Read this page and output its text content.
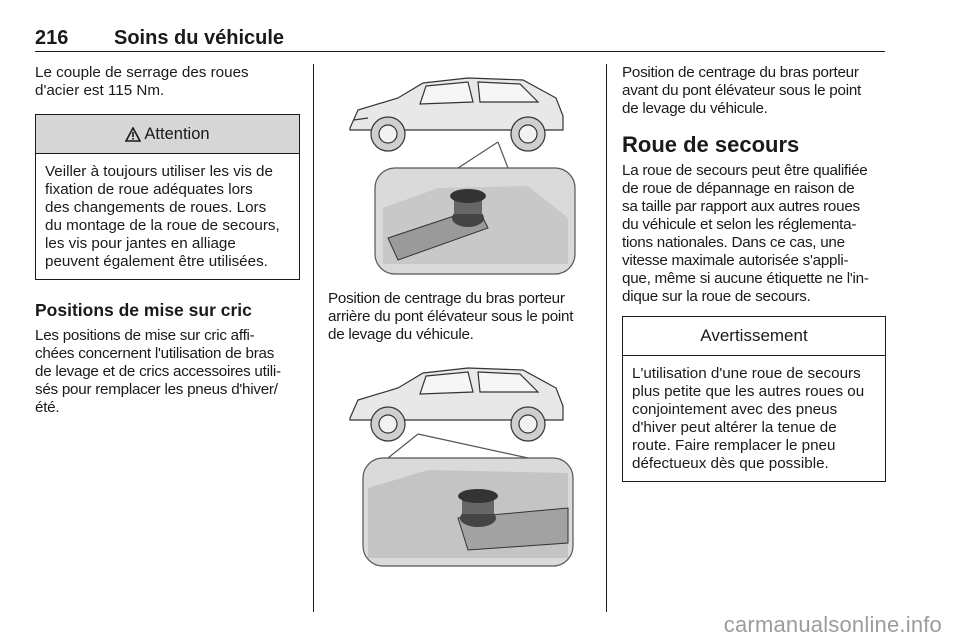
216 Soins du véhicule

Le couple de serrage des roues
d'acier est 115 Nm.

Attention

Veiller à toujours utiliser les vis de
fixation de roue adéquates lors
des changements de roues. Lors
du montage de la roue de secours,
les vis pour jantes en alliage
peuvent également être utilisées.

Positions de mise sur cric

Les positions de mise sur cric affi-
chées concernent l'utilisation de bras
de levage et de crics accessoires utili-
sés pour remplacer les pneus d'hiver/
été.

Position de centrage du bras porteur
arrière du pont élévateur sous le point
de levage du véhicule.

Position de centrage du bras porteur
avant du pont élévateur sous le point
de levage du véhicule.

Roue de secours

La roue de secours peut être qualifiée
de roue de dépannage en raison de
sa taille par rapport aux autres roues
du véhicule et selon les réglementa-
tions nationales. Dans ce cas, une
vitesse maximale autorisée s'appli-
que, même si aucune étiquette ne l'in-
dique sur la roue de secours.

Avertissement

L'utilisation d'une roue de secours
plus petite que les autres roues ou
conjointement avec des pneus
d'hiver peut altérer la tenue de
route. Faire remplacer le pneu
défectueux dès que possible.

carmanualsonline.info
